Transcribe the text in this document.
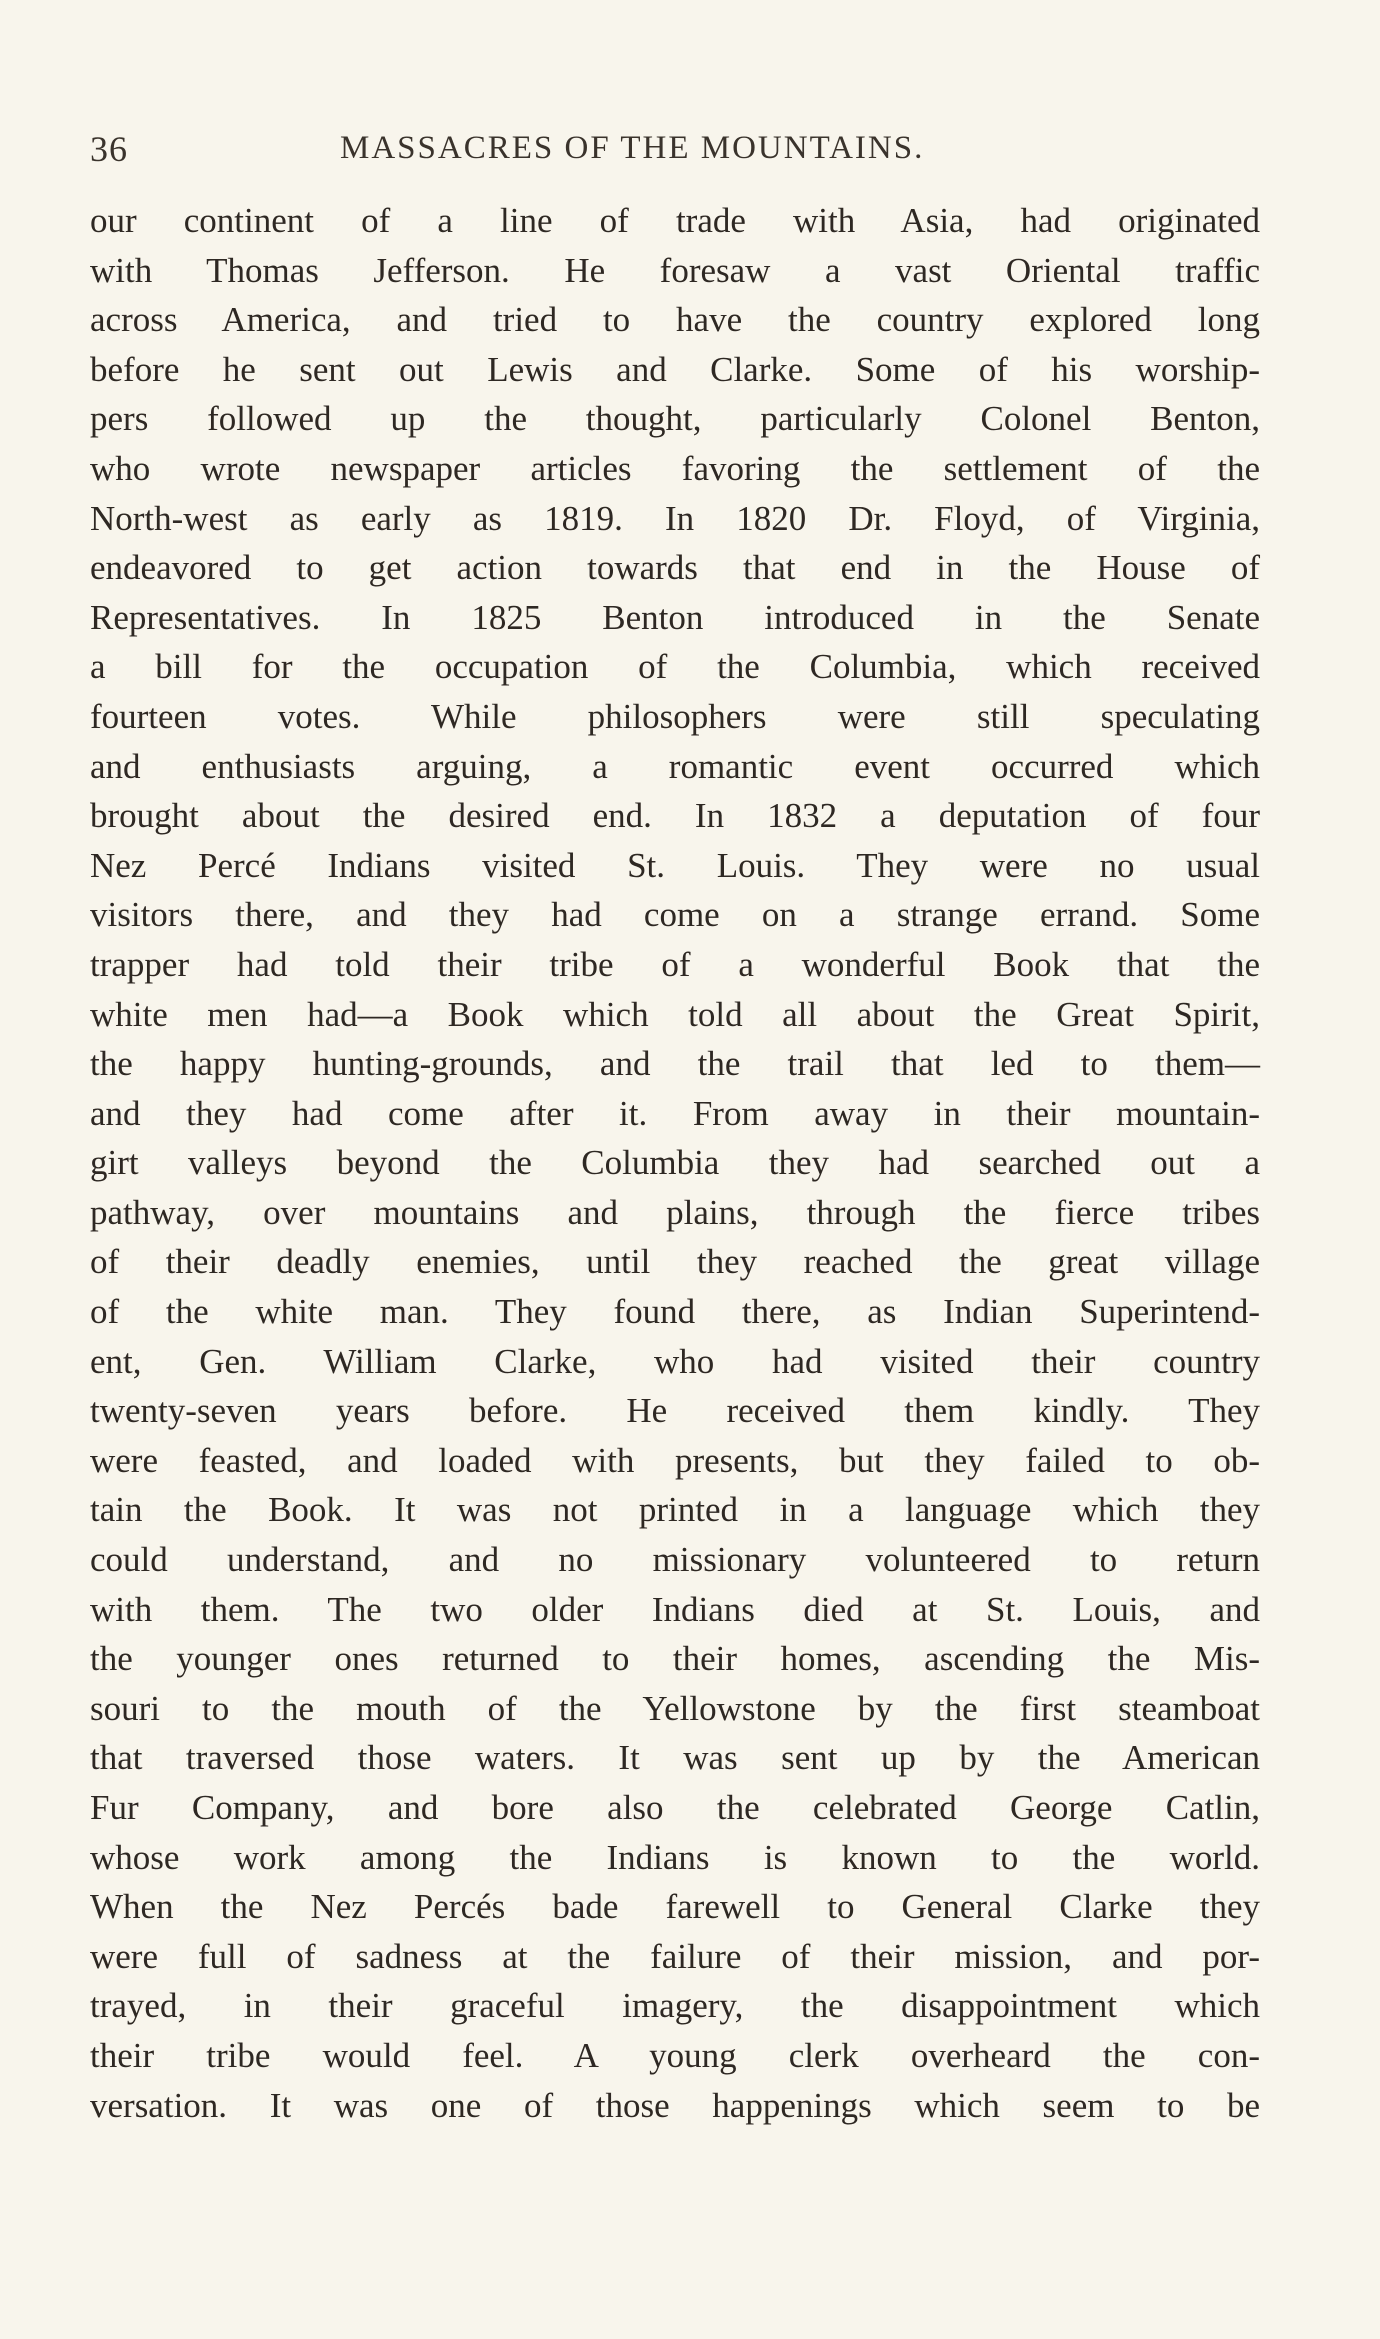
36	MASSACRES OF THE MOUNTAINS.
our continent of a line of trade with Asia, had originated
with Thomas Jefferson. He foresaw a vast Oriental traffic
across America, and tried to have the country explored long
before he sent out Lewis and Clarke. Some of his worship-
pers followed up the thought, particularly Colonel Benton,
who wrote newspaper articles favoring the settlement of the
North-west as early as 1819. In 1820 Dr. Floyd, of Virginia,
endeavored to get action towards that end in the House of
Representatives. In 1825 Benton introduced in the Senate
a bill for the occupation of the Columbia, which received
fourteen votes. While philosophers were still speculating
and enthusiasts arguing, a romantic event occurred which
brought about the desired end. In 1832 a deputation of four
Nez Percé Indians visited St. Louis. They were no usual
visitors there, and they had come on a strange errand. Some
trapper had told their tribe of a wonderful Book that the
white men had—a Book which told all about the Great Spirit,
the happy hunting-grounds, and the trail that led to them—
and they had come after it. From away in their mountain-
girt valleys beyond the Columbia they had searched out a
pathway, over mountains and plains, through the fierce tribes
of their deadly enemies, until they reached the great village
of the white man. They found there, as Indian Superintend-
ent, Gen. William Clarke, who had visited their country
twenty-seven years before. He received them kindly. They
were feasted, and loaded with presents, but they failed to ob-
tain the Book. It was not printed in a language which they
could understand, and no missionary volunteered to return
with them. The two older Indians died at St. Louis, and
the younger ones returned to their homes, ascending the Mis-
souri to the mouth of the Yellowstone by the first steamboat
that traversed those waters. It was sent up by the American
Fur Company, and bore also the celebrated George Catlin,
whose work among the Indians is known to the world.
When the Nez Percés bade farewell to General Clarke they
were full of sadness at the failure of their mission, and por-
trayed, in their graceful imagery, the disappointment which
their tribe would feel. A young clerk overheard the con-
versation. It was one of those happenings which seem to be
